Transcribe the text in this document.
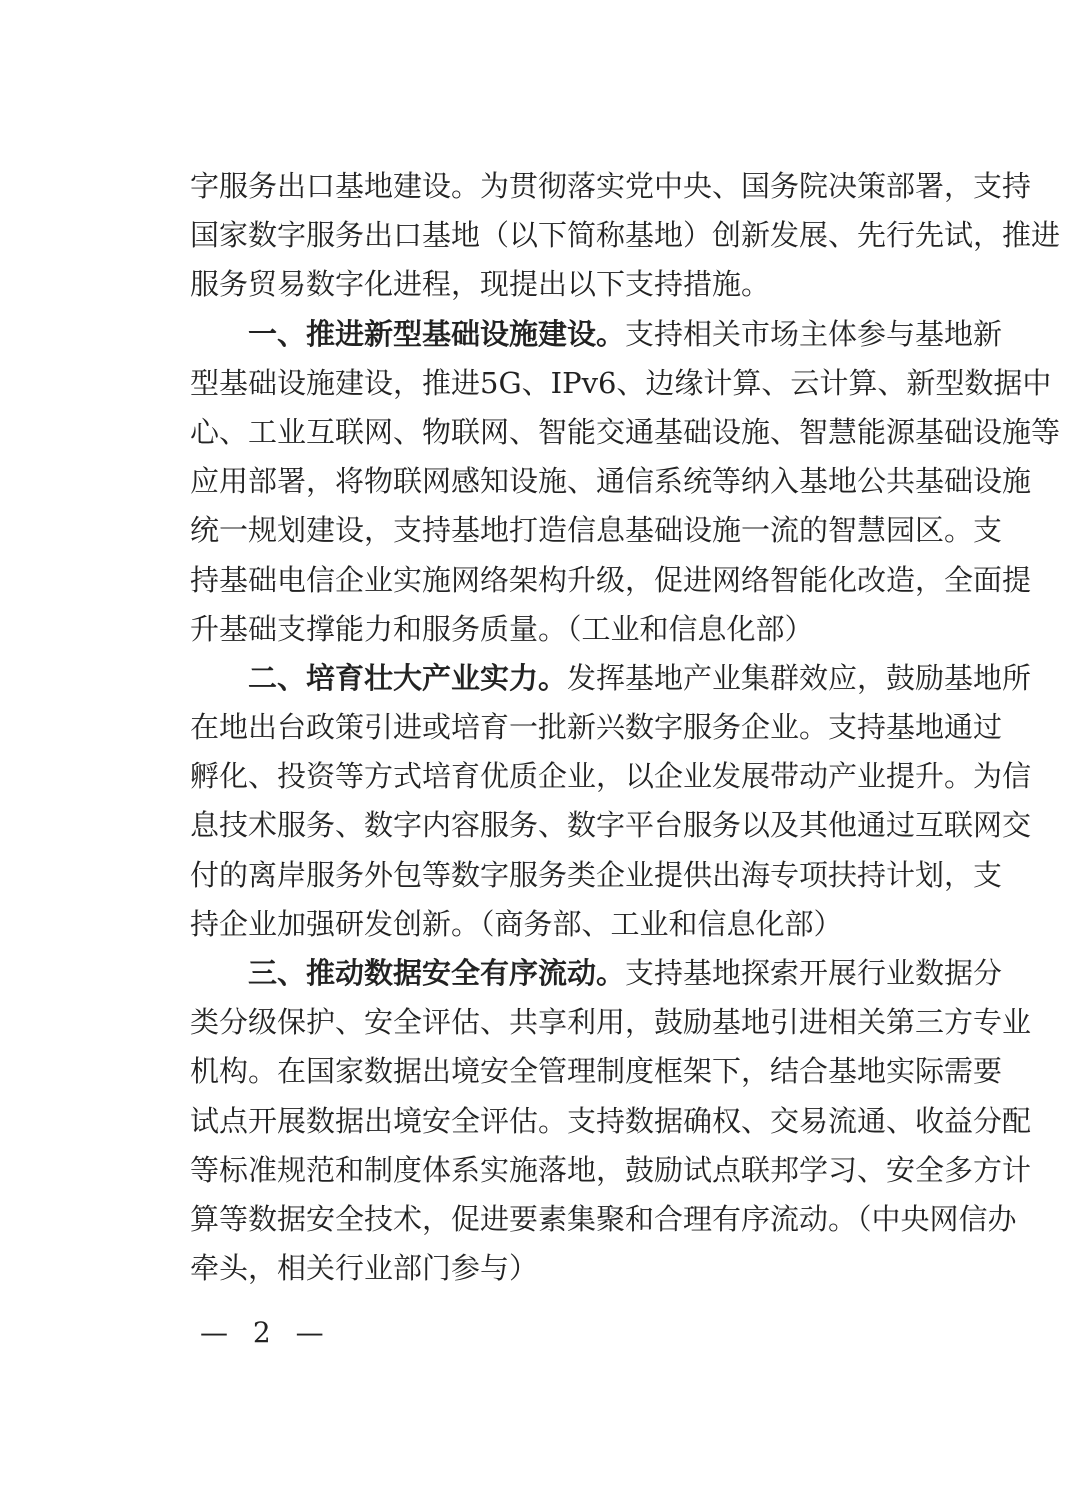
字服务出口基地建设。为贯彻落实党中央、国务院决策部署，支持
国家数字服务出口基地（以下简称基地）创新发展、先行先试，推进
服务贸易数字化进程，现提出以下支持措施。
一、推进新型基础设施建设。支持相关市场主体参与基地新
型基础设施建设，推进5G、IPv6、边缘计算、云计算、新型数据中
心、工业互联网、物联网、智能交通基础设施、智慧能源基础设施等
应用部署，将物联网感知设施、通信系统等纳入基地公共基础设施
统一规划建设，支持基地打造信息基础设施一流的智慧园区。支
持基础电信企业实施网络架构升级，促进网络智能化改造，全面提
升基础支撑能力和服务质量。（工业和信息化部）
二、培育壮大产业实力。发挥基地产业集群效应，鼓励基地所
在地出台政策引进或培育一批新兴数字服务企业。支持基地通过
孵化、投资等方式培育优质企业，以企业发展带动产业提升。为信
息技术服务、数字内容服务、数字平台服务以及其他通过互联网交
付的离岸服务外包等数字服务类企业提供出海专项扶持计划，支
持企业加强研发创新。（商务部、工业和信息化部）
三、推动数据安全有序流动。支持基地探索开展行业数据分
类分级保护、安全评估、共享利用，鼓励基地引进相关第三方专业
机构。在国家数据出境安全管理制度框架下，结合基地实际需要
试点开展数据出境安全评估。支持数据确权、交易流通、收益分配
等标准规范和制度体系实施落地，鼓励试点联邦学习、安全多方计
算等数据安全技术，促进要素集聚和合理有序流动。（中央网信办
牵头，相关行业部门参与）
— 2 —
